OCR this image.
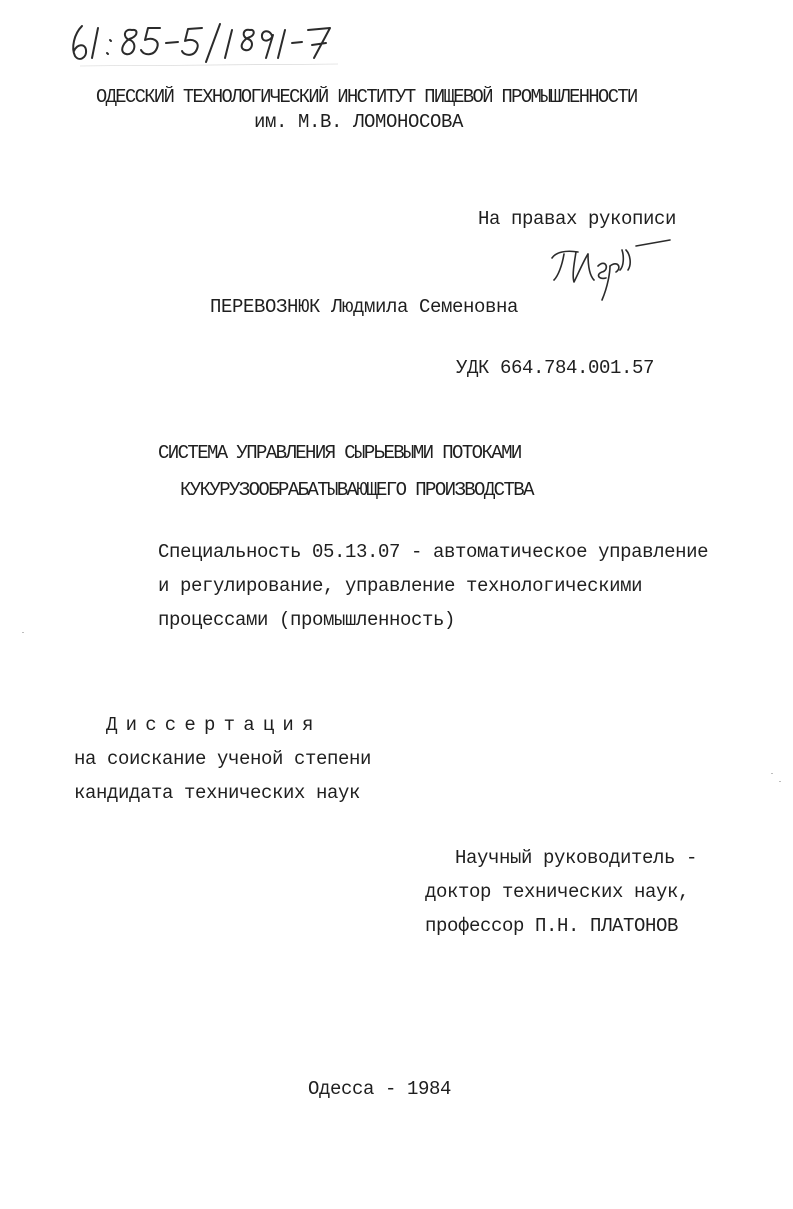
ОДЕССКИЙ ТЕХНОЛОГИЧЕСКИЙ ИНСТИТУТ ПИЩЕВОЙ ПРОМЫШЛЕННОСТИ
им. М.В. ЛОМОНОСОВА
На правах рукописи
ПЕРЕВОЗНЮК Людмила Семеновна
УДК 664.784.001.57
СИСТЕМА УПРАВЛЕНИЯ СЫРЬЕВЫМИ ПОТОКАМИ
КУКУРУЗООБРАБАТЫВАЮЩЕГО ПРОИЗВОДСТВА
Специальность 05.13.07 - автоматическое управление
и регулирование, управление технологическими
процессами (промышленность)
Диссертация
на соискание ученой степени
кандидата технических наук
Научный руководитель -
доктор технических наук,
профессор П.Н. ПЛАТОНОВ
Одесса - 1984
